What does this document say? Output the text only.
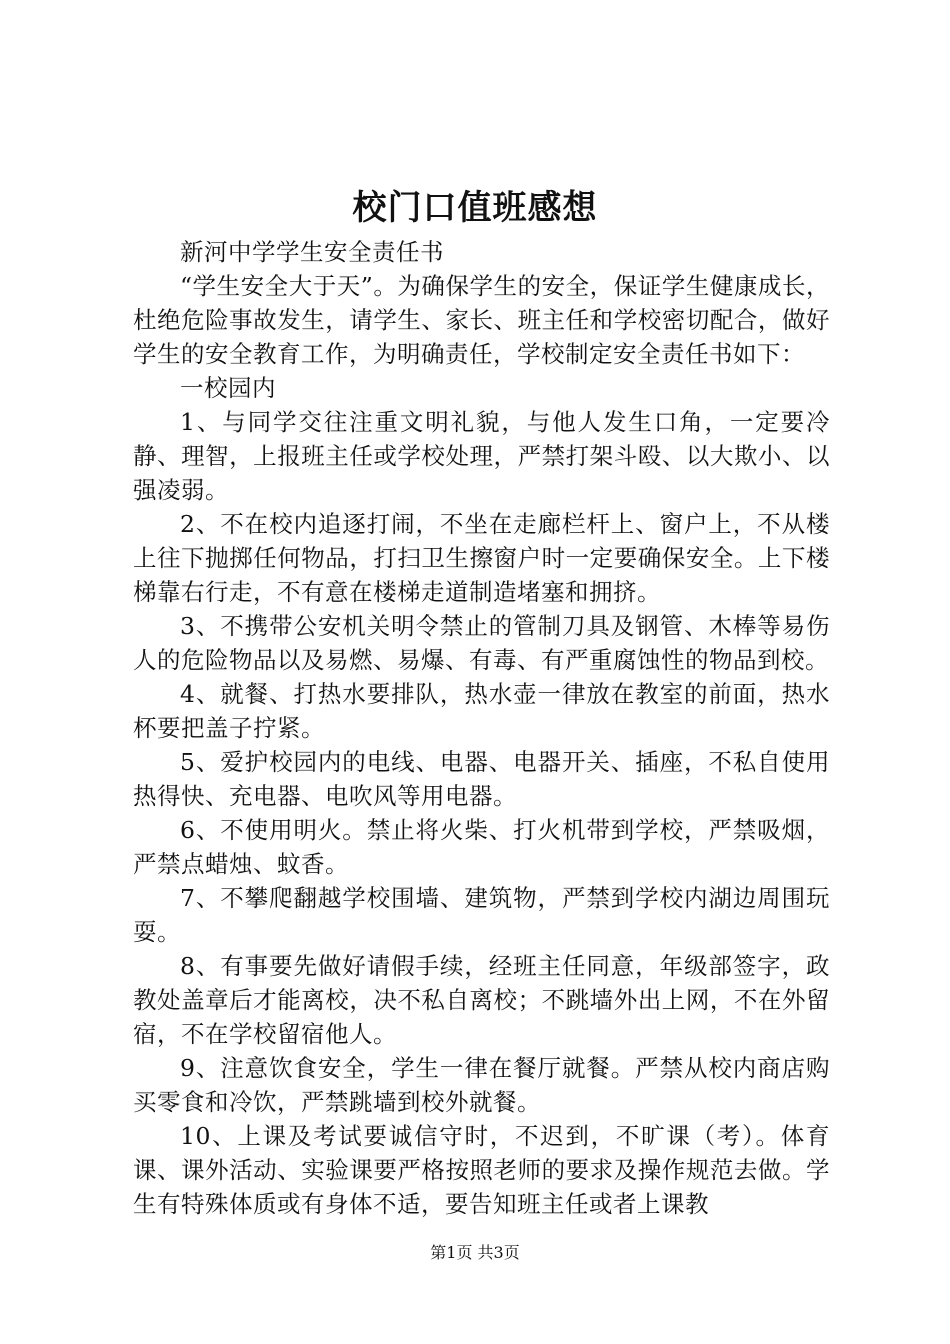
校门口值班感想

新河中学学生安全责任书

“学生安全大于天”。为确保学生的安全，保证学生健康成长，杜绝危险事故发生，请学生、家长、班主任和学校密切配合，做好学生的安全教育工作，为明确责任，学校制定安全责任书如下：

一校园内

1、与同学交往注重文明礼貌，与他人发生口角，一定要冷静、理智，上报班主任或学校处理，严禁打架斗殴、以大欺小、以强凌弱。

2、不在校内追逐打闹，不坐在走廊栏杆上、窗户上，不从楼上往下抛掷任何物品，打扫卫生擦窗户时一定要确保安全。上下楼梯靠右行走，不有意在楼梯走道制造堵塞和拥挤。

3、不携带公安机关明令禁止的管制刀具及钢管、木棒等易伤人的危险物品以及易燃、易爆、有毒、有严重腐蚀性的物品到校。

4、就餐、打热水要排队，热水壶一律放在教室的前面，热水杯要把盖子拧紧。

5、爱护校园内的电线、电器、电器开关、插座，不私自使用热得快、充电器、电吹风等用电器。

6、不使用明火。禁止将火柴、打火机带到学校，严禁吸烟，严禁点蜡烛、蚊香。

7、不攀爬翻越学校围墙、建筑物，严禁到学校内湖边周围玩耍。

8、有事要先做好请假手续，经班主任同意，年级部签字，政教处盖章后才能离校，决不私自离校；不跳墙外出上网，不在外留宿，不在学校留宿他人。

9、注意饮食安全，学生一律在餐厅就餐。严禁从校内商店购买零食和冷饮，严禁跳墙到校外就餐。

10、上课及考试要诚信守时，不迟到，不旷课（考）。体育课、课外活动、实验课要严格按照老师的要求及操作规范去做。学生有特殊体质或有身体不适，要告知班主任或者上课教

第1页 共3页
